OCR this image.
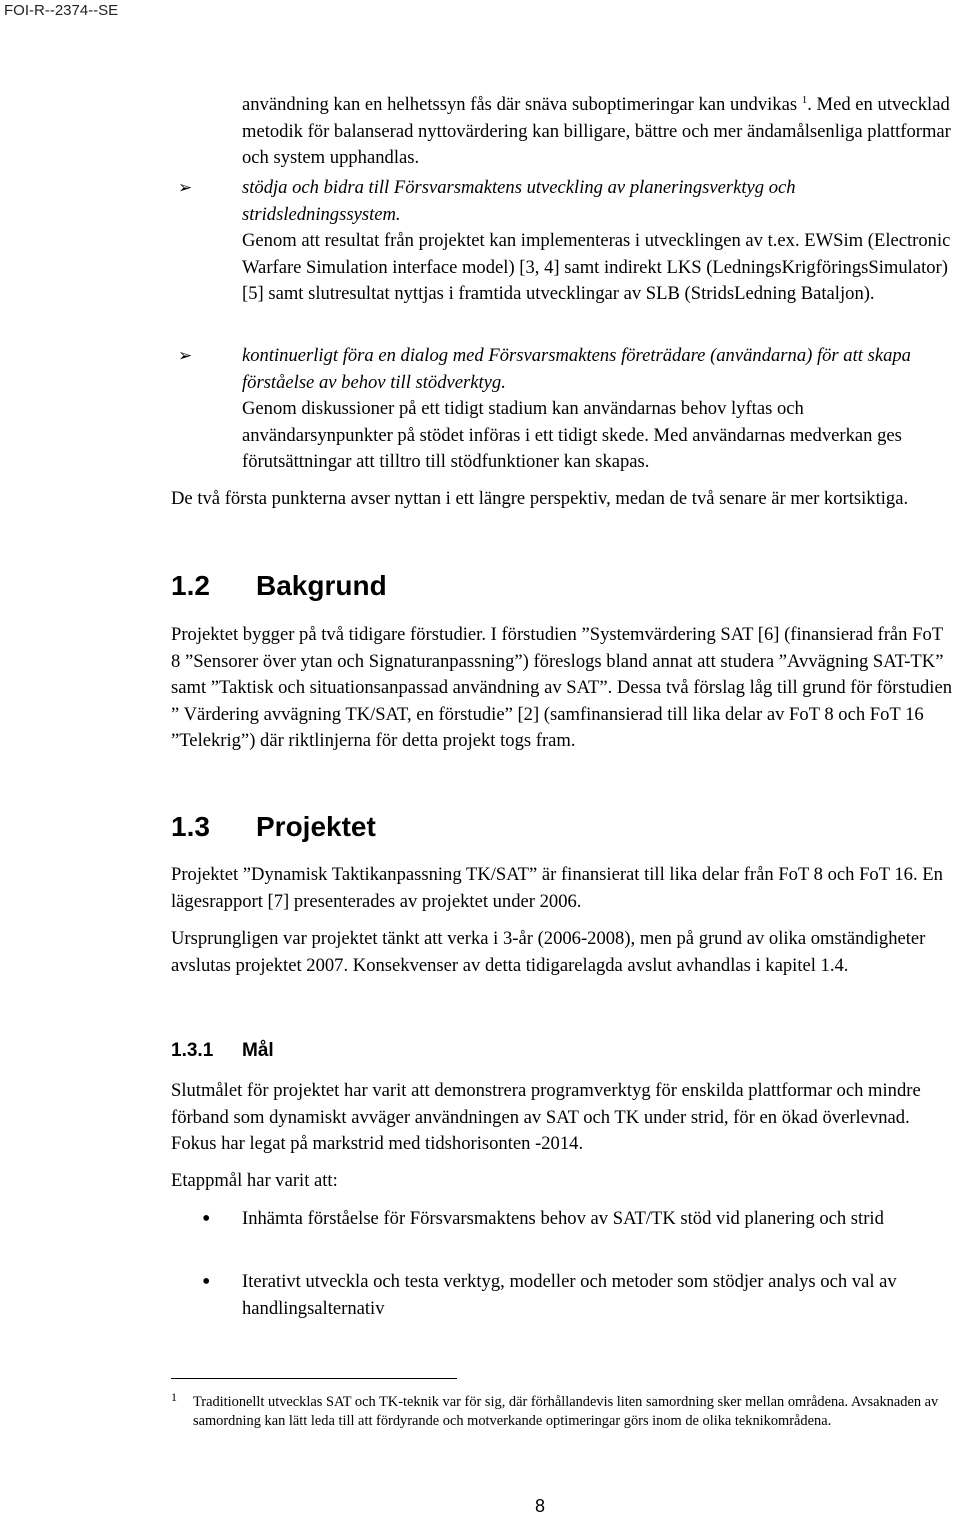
FOI-R--2374--SE

användning kan en helhetssyn fås där snäva suboptimeringar kan undvikas $^1$. Med en utvecklad metodik för balanserad nyttovärdering kan billigare, bättre och mer ändamålsenliga plattformar och system upphandlas.

➢	stödja och bidra till Försvarsmaktens utveckling av planeringsverktyg och stridsledningssystem.

Genom att resultat från projektet kan implementeras i utvecklingen av t.ex. EWSim (Electronic Warfare Simulation interface model) [3, 4] samt indirekt LKS (LedningsKrigföringsSimulator) [5] samt slutresultat nyttjas i framtida utvecklingar av SLB (StridsLedning Bataljon).

➢	kontinuerligt föra en dialog med Försvarsmaktens företrädare (användarna) för att skapa förståelse av behov till stödverktyg.

Genom diskussioner på ett tidigt stadium kan användarnas behov lyftas och användarsynpunkter på stödet införas i ett tidigt skede. Med användarnas medverkan ges förutsättningar att tilltro till stödfunktioner kan skapas.

De två första punkterna avser nyttan i ett längre perspektiv, medan de två senare är mer kortsiktiga.

1.2 Bakgrund

Projektet bygger på två tidigare förstudier. I förstudien ”Systemvärdering SAT [6] (finansierad från FoT 8 ”Sensorer över ytan och Signaturanpassning”) föreslogs bland annat att studera ”Avvägning SAT-TK” samt ”Taktisk och situationsanpassad användning av SAT”. Dessa två förslag låg till grund för förstudien ” Värdering avvägning TK/SAT, en förstudie” [2] (samfinansierad till lika delar av FoT 8 och FoT 16 ”Telekrig”) där riktlinjerna för detta projekt togs fram.

1.3 Projektet

Projektet ”Dynamisk Taktikanpassning TK/SAT” är finansierat till lika delar från FoT 8 och FoT 16. En lägesrapport [7] presenterades av projektet under 2006.

Ursprungligen var projektet tänkt att verka i 3-år (2006-2008), men på grund av olika omständigheter avslutas projektet 2007. Konsekvenser av detta tidigarelagda avslut avhandlas i kapitel 1.4.

1.3.1 Mål

Slutmålet för projektet har varit att demonstrera programverktyg för enskilda plattformar och mindre förband som dynamiskt avväger användningen av SAT och TK under strid, för en ökad överlevnad. Fokus har legat på markstrid med tidshorisonten -2014.

Etappmål har varit att:

• Inhämta förståelse för Försvarsmaktens behov av SAT/TK stöd vid planering och strid

• Iterativt utveckla och testa verktyg, modeller och metoder som stödjer analys och val av handlingsalternativ

1 Traditionellt utvecklas SAT och TK-teknik var för sig, där förhållandevis liten samordning sker mellan områdena. Avsaknaden av samordning kan lätt leda till att fördyrande och motverkande optimeringar görs inom de olika teknikområdena.

8
